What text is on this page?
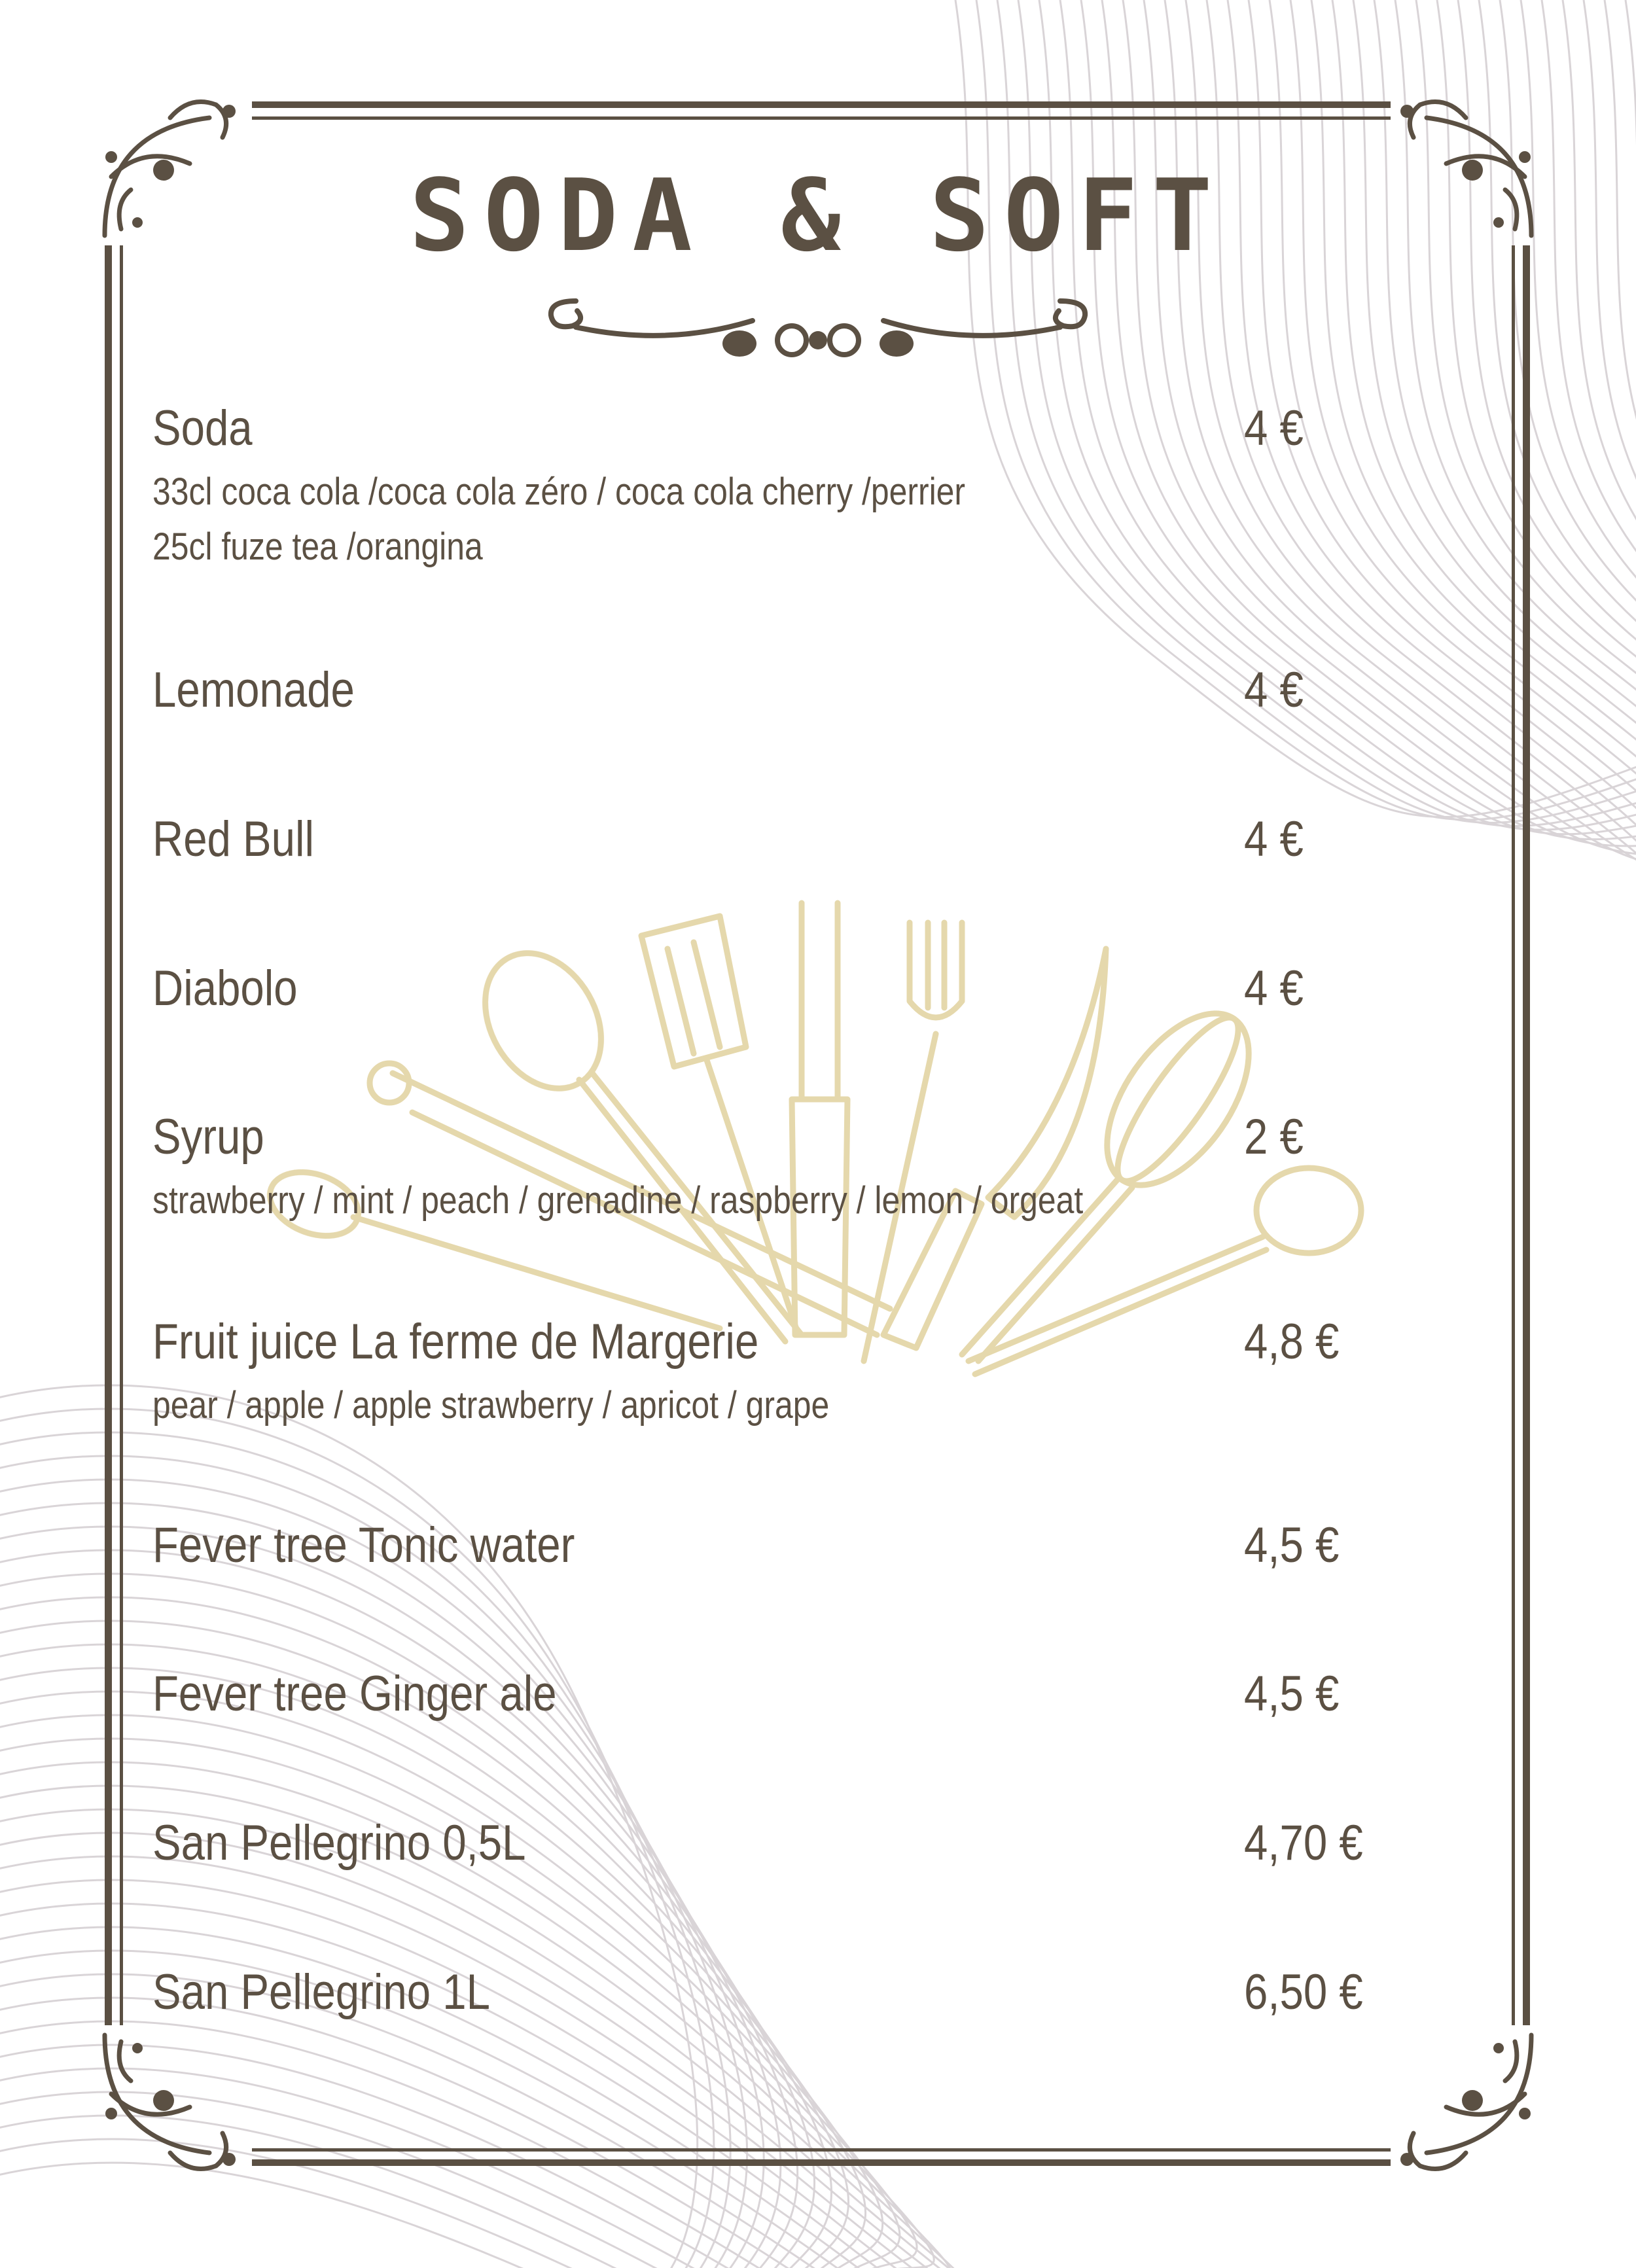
SODA & SOFT
Soda	4 €
33cl coca cola /coca cola zéro / coca cola cherry /perrier
25cl fuze tea /orangina
Lemonade	4 €
Red Bull	4 €
Diabolo	4 €
Syrup	2 €
strawberry / mint / peach / grenadine / raspberry / lemon / orgeat
Fruit juice La ferme de Margerie	4,8 €
pear / apple / apple strawberry / apricot / grape
Fever tree Tonic water	4,5 €
Fever tree Ginger ale	4,5 €
San Pellegrino 0,5L	4,70 €
San Pellegrino 1L	6,50 €
